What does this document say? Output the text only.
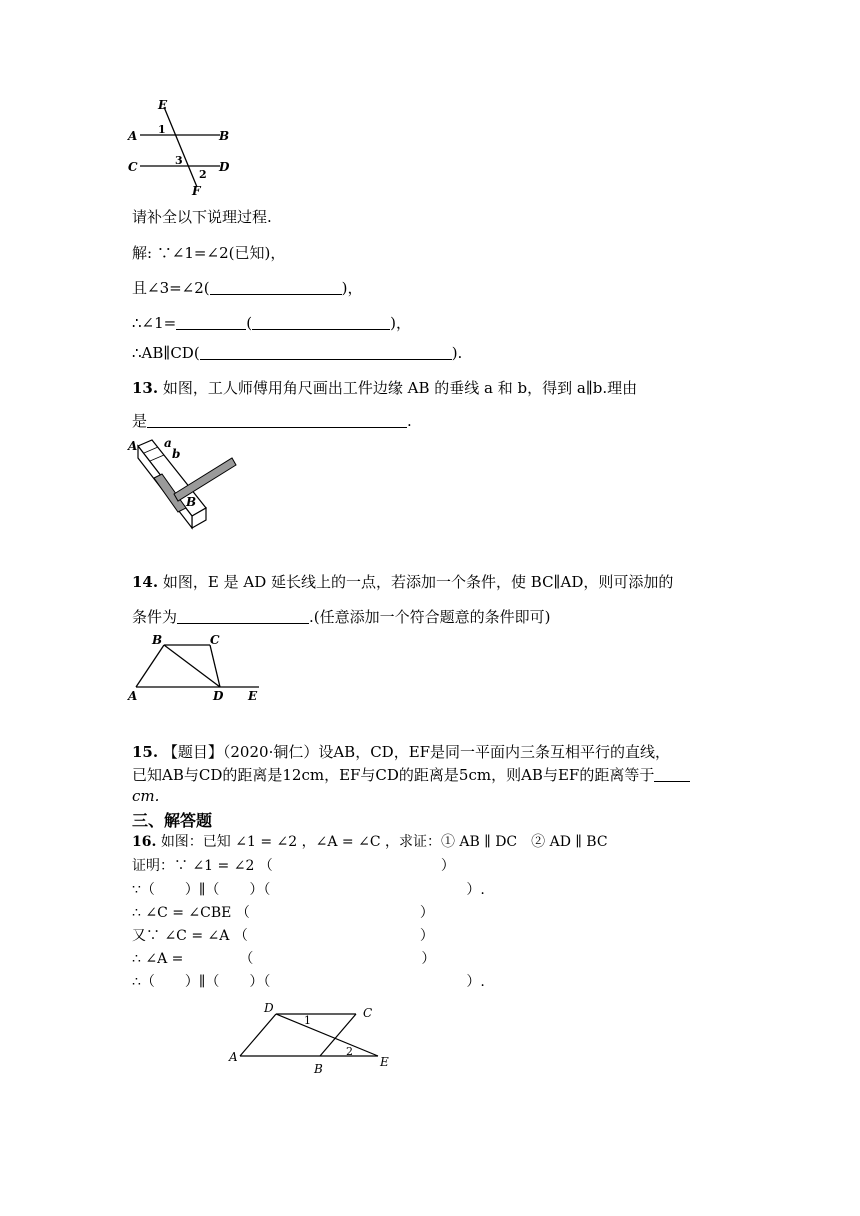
E
A	B
C	D
F
1
3
2
请补全以下说理过程.
解: ∵∠1=∠2(已知)，
且∠3=∠2(	)，
∴∠1=	(	)，
∴AB∥CD(	).
13. 如图，工人师傅用角尺画出工件边缘 AB 的垂线 a 和 b，得到 a∥b.理由
是	.
A a
b
B
14. 如图，E 是 AD 延长线上的一点，若添加一个条件，使 BC∥AD，则可添加的
条件为	.(任意添加一个符合题意的条件即可)
B	C
A	D E
15. 【题目】（2020·铜仁）设AB，CD，EF是同一平面内三条互相平行的直线，
已知AB与CD的距离是12cm，EF与CD的距离是5cm，则AB与EF的距离等于
cm.
三、解答题
16. 如图：已知 ∠1 = ∠2 ，∠A = ∠C ，求证：① AB ∥ DC　② AD ∥ BC
证明：∵ ∠1 = ∠2 （	）
∵（ ）∥（ ）（	）.
∴ ∠C = ∠CBE （	）
又∵ ∠C = ∠A （	）
∴ ∠A =	（	）
∴（ ）∥（ ）（	）.
D	C
A
B	E
1
2
